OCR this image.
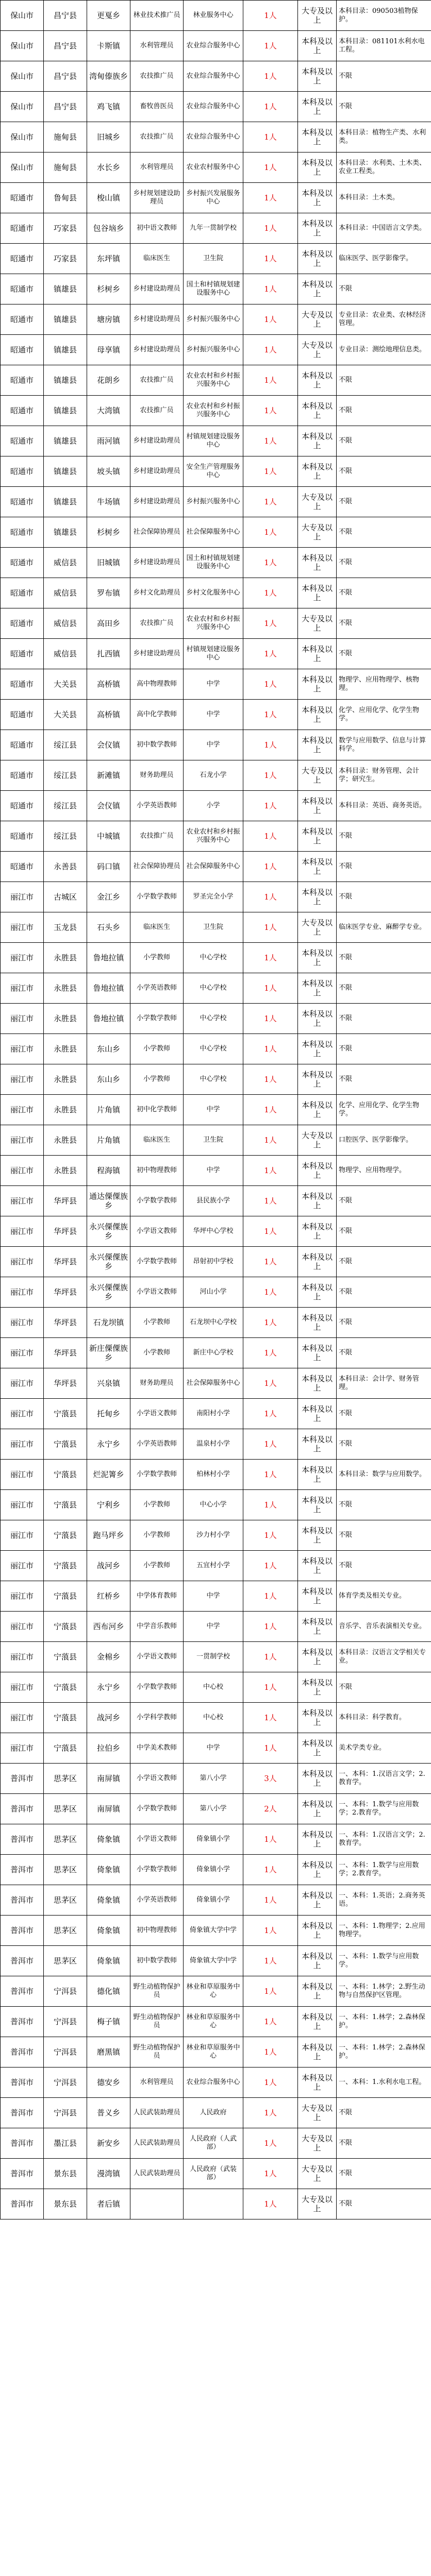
保山市	昌宁县	更戛乡	林业技术推广员	林业服务中心	1人	大专及以上	本科目录：090503植物保护。
保山市	昌宁县	卡斯镇	水利管理员	农业综合服务中心	1人	本科及以上	本科目录：081101水利水电工程。
保山市	昌宁县	湾甸傣族乡	农技推广员	农业综合服务中心	1人	本科及以上	不限
保山市	昌宁县	鸡飞镇	畜牧兽医员	农业综合服务中心	1人	本科及以上	不限
保山市	施甸县	旧城乡	农技推广员	农业综合服务中心	1人	本科及以上	本科目录：植物生产类、水利类。
保山市	施甸县	水长乡	水利管理员	农业农村服务中心	1人	本科及以上	本科目录：水利类、土木类、农业工程类。
昭通市	鲁甸县	梭山镇	乡村规划建设助理员	乡村振兴发展服务中心	1人	本科及以上	本科目录：土木类。
昭通市	巧家县	包谷垴乡	初中语文教师	九年一贯制学校	1人	本科及以上	本科目录：中国语言文学类。
昭通市	巧家县	东坪镇	临床医生	卫生院	1人	本科及以上	临床医学、医学影像学。
昭通市	镇雄县	杉树乡	乡村建设助理员	国土和村镇规划建设服务中心	1人	本科及以上	不限
昭通市	镇雄县	塘房镇	乡村建设助理员	乡村振兴服务中心	1人	大专及以上	专业目录：农业类、农林经济管理。
昭通市	镇雄县	母享镇	乡村建设助理员	乡村振兴服务中心	1人	大专及以上	专业目录：测绘地理信息类。
昭通市	镇雄县	花朗乡	农技推广员	农业农村和乡村振兴服务中心	1人	本科及以上	不限
昭通市	镇雄县	大湾镇	农技推广员	农业农村和乡村振兴服务中心	1人	本科及以上	不限
昭通市	镇雄县	雨河镇	乡村建设助理员	村镇规划建设服务中心	1人	本科及以上	不限
昭通市	镇雄县	坡头镇	乡村建设助理员	安全生产管理服务中心	1人	本科及以上	不限
昭通市	镇雄县	牛场镇	乡村建设助理员	乡村振兴服务中心	1人	大专及以上	不限
昭通市	镇雄县	杉树乡	社会保障协理员	社会保障服务中心	1人	大专及以上	不限
昭通市	威信县	旧城镇	乡村建设助理员	国土和村镇规划建设服务中心	1人	本科及以上	不限
昭通市	威信县	罗布镇	乡村文化助理员	乡村文化服务中心	1人	本科及以上	不限
昭通市	威信县	高田乡	农技推广员	农业农村和乡村振兴服务中心	1人	大专及以上	不限
昭通市	威信县	扎西镇	乡村建设助理员	村镇规划建设服务中心	1人	本科及以上	不限
昭通市	大关县	高桥镇	高中物理教师	中学	1人	本科及以上	物理学、应用物理学、核物理。
昭通市	大关县	高桥镇	高中化学教师	中学	1人	本科及以上	化学、应用化学、化学生物学。
昭通市	绥江县	会仪镇	初中数学教师	中学	1人	本科及以上	数学与应用数学、信息与计算科学。
昭通市	绥江县	新滩镇	财务助理员	石龙小学	1人	大专及以上	本科目录：财务管理、会计学；研究生。
昭通市	绥江县	会仪镇	小学英语教师	小学	1人	本科及以上	本科目录：英语、商务英语。
昭通市	绥江县	中城镇	农技推广员	农业农村和乡村振兴服务中心	1人	本科及以上	不限
昭通市	永善县	码口镇	社会保障协理员	社会保障服务中心	1人	本科及以上	不限
丽江市	古城区	金江乡	小学数学教师	罗圣完全小学	1人	本科及以上	不限
丽江市	玉龙县	石头乡	临床医生	卫生院	1人	大专及以上	临床医学专业、麻醉学专业。
丽江市	永胜县	鲁地拉镇	小学教师	中心学校	1人	本科及以上	不限
丽江市	永胜县	鲁地拉镇	小学英语教师	中心学校	1人	本科及以上	不限
丽江市	永胜县	鲁地拉镇	小学数学教师	中心学校	1人	本科及以上	不限
丽江市	永胜县	东山乡	小学教师	中心学校	1人	本科及以上	不限
丽江市	永胜县	东山乡	小学教师	中心学校	1人	本科及以上	不限
丽江市	永胜县	片角镇	初中化学教师	中学	1人	本科及以上	化学、应用化学、化学生物学。
丽江市	永胜县	片角镇	临床医生	卫生院	1人	大专及以上	口腔医学、医学影像学。
丽江市	永胜县	程海镇	初中物理教师	中学	1人	本科及以上	物理学、应用物理学。
丽江市	华坪县	通达傈僳族乡	小学数学教师	县民族小学	1人	本科及以上	不限
丽江市	华坪县	永兴傈僳族乡	小学语文教师	华坪中心学校	1人	本科及以上	不限
丽江市	华坪县	永兴傈僳族乡	小学数学教师	昂射初中学校	1人	本科及以上	不限
丽江市	华坪县	永兴傈僳族乡	小学语文教师	河山小学	1人	本科及以上	不限
丽江市	华坪县	石龙坝镇	小学教师	石龙坝中心学校	1人	本科及以上	不限
丽江市	华坪县	新庄傈僳族乡	小学教师	新庄中心学校	1人	本科及以上	不限
丽江市	华坪县	兴泉镇	财务助理员	社会保障服务中心	1人	本科及以上	本科目录：会计学、财务管理。
丽江市	宁蒗县	托甸乡	小学语文教师	南阳村小学	1人	本科及以上	不限
丽江市	宁蒗县	永宁乡	小学英语教师	温泉村小学	1人	本科及以上	不限
丽江市	宁蒗县	烂泥箐乡	小学数学教师	柏林村小学	1人	本科及以上	本科目录：数学与应用数学。
丽江市	宁蒗县	宁利乡	小学教师	中心小学	1人	本科及以上	不限
丽江市	宁蒗县	跑马坪乡	小学教师	沙力村小学	1人	本科及以上	不限
丽江市	宁蒗县	战河乡	小学教师	五宜村小学	1人	本科及以上	不限
丽江市	宁蒗县	红桥乡	中学体育教师	中学	1人	本科及以上	体育学类及相关专业。
丽江市	宁蒗县	西布河乡	中学音乐教师	中学	1人	本科及以上	音乐学、音乐表演相关专业。
丽江市	宁蒗县	金棉乡	小学语文教师	一贯制学校	1人	本科及以上	本科目录：汉语言文学相关专业。
丽江市	宁蒗县	永宁乡	小学数学教师	中心校	1人	本科及以上	不限
丽江市	宁蒗县	战河乡	小学科学教师	中心校	1人	本科及以上	本科目录：科学教育。
丽江市	宁蒗县	拉伯乡	中学美术教师	中学	1人	本科及以上	美术学类专业。
普洱市	思茅区	南屏镇	小学语文教师	第八小学	3人	本科及以上	一、本科：1.汉语言文学；2.教育学。
普洱市	思茅区	南屏镇	小学数学教师	第八小学	2人	本科及以上	一、本科：1.数学与应用数学；2.教育学。
普洱市	思茅区	倚象镇	小学语文教师	倚象镇小学	1人	本科及以上	一、本科：1.汉语言文学；2.教育学。
普洱市	思茅区	倚象镇	小学数学教师	倚象镇小学	1人	本科及以上	一、本科：1.数学与应用数学；2.教育学。
普洱市	思茅区	倚象镇	小学英语教师	倚象镇小学	1人	本科及以上	一、本科：1.英语；2.商务英语。
普洱市	思茅区	倚象镇	初中物理教师	倚象镇大学中学	1人	本科及以上	一、本科：1.物理学；2.应用物理学。
普洱市	思茅区	倚象镇	初中数学教师	倚象镇大学中学	1人	本科及以上	一、本科：1.数学与应用数学。
普洱市	宁洱县	德化镇	野生动植物保护员	林业和草原服务中心	1人	本科及以上	一、本科：1.林学；2.野生动物与自然保护区管理。
普洱市	宁洱县	梅子镇	野生动植物保护员	林业和草原服务中心	1人	本科及以上	一、本科：1.林学；2.森林保护。
普洱市	宁洱县	磨黑镇	野生动植物保护员	林业和草原服务中心	1人	本科及以上	一、本科：1.林学；2.森林保护。
普洱市	宁洱县	德安乡	水利管理员	农业综合服务中心	1人	本科及以上	一、本科：1.水利水电工程。
普洱市	宁洱县	普义乡	人民武装助理员	人民政府	1人	大专及以上	不限
普洱市	墨江县	新安乡	人民武装助理员	人民政府（人武部）	1人	大专及以上	不限
普洱市	景东县	漫湾镇	人民武装助理员	人民政府（武装部）	1人	大专及以上	不限
普洱市	景东县	者后镇			1人	大专及以上	不限
